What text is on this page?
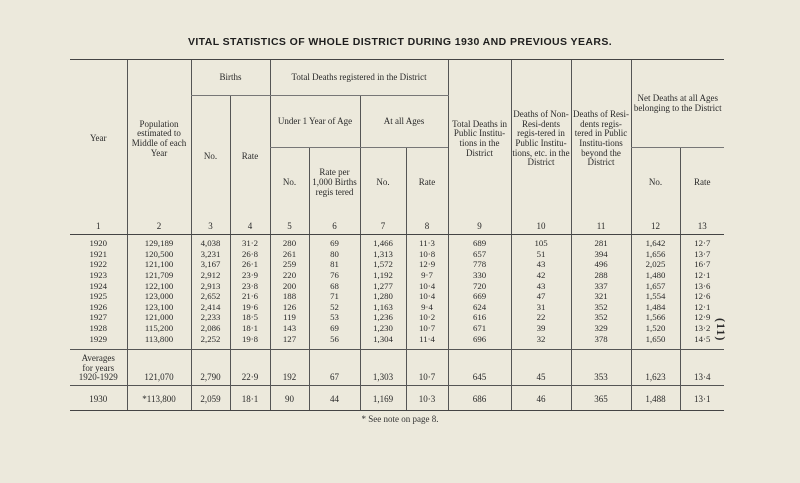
VITAL STATISTICS OF WHOLE DISTRICT DURING 1930 AND PREVIOUS YEARS.
Year	Population estimated to Middle of each Year	Births		Total Deaths registered in the District				Total Deaths in Public Institu-tions in the District	Deaths of Non-Resi-dents regis-tered in Public Institu-tions, etc. in the District	Deaths of Resi-dents regis-tered in Public Institu-tions beyond the District	Net Deaths at all Ages belonging to the District	
		No.	Rate	Under 1 Year of Age		At all Ages						
				No.	Rate per 1,000 Births regis tered	No.	Rate				No.	Rate

1	2	3	4	5	6	7	8	9	10	11	12	13

1920	129,189	4,038	31·2	280	69	1,466	11·3	689	105	281	1,642	12·7
1921	120,500	3,231	26·8	261	80	1,313	10·8	657	51	394	1,656	13·7
1922	121,100	3,167	26·1	259	81	1,572	12·9	778	43	496	2,025	16·7
1923	121,709	2,912	23·9	220	76	1,192	9·7	330	42	288	1,480	12·1
1924	122,100	2,913	23·8	200	68	1,277	10·4	720	43	337	1,657	13·6
1925	123,000	2,652	21·6	188	71	1,280	10·4	669	47	321	1,554	12·6
1926	123,100	2,414	19·6	126	52	1,163	9·4	624	31	352	1,484	12·1
1927	121,000	2,233	18·5	119	53	1,236	10·2	616	22	352	1,566	12·9
1928	115,200	2,086	18·1	143	69	1,230	10·7	671	39	329	1,520	13·2
1929	113,800	2,252	19·8	127	56	1,304	11·4	696	32	378	1,650	14·5

Averages
for years
1920-1929	121,070	2,790	22·9	192	67	1,303	10·7	645	45	353	1,623	13·4

1930	*113,800	2,059	18·1	90	44	1,169	10·3	686	46	365	1,488	13·1
* See note on page 8.
(11)
